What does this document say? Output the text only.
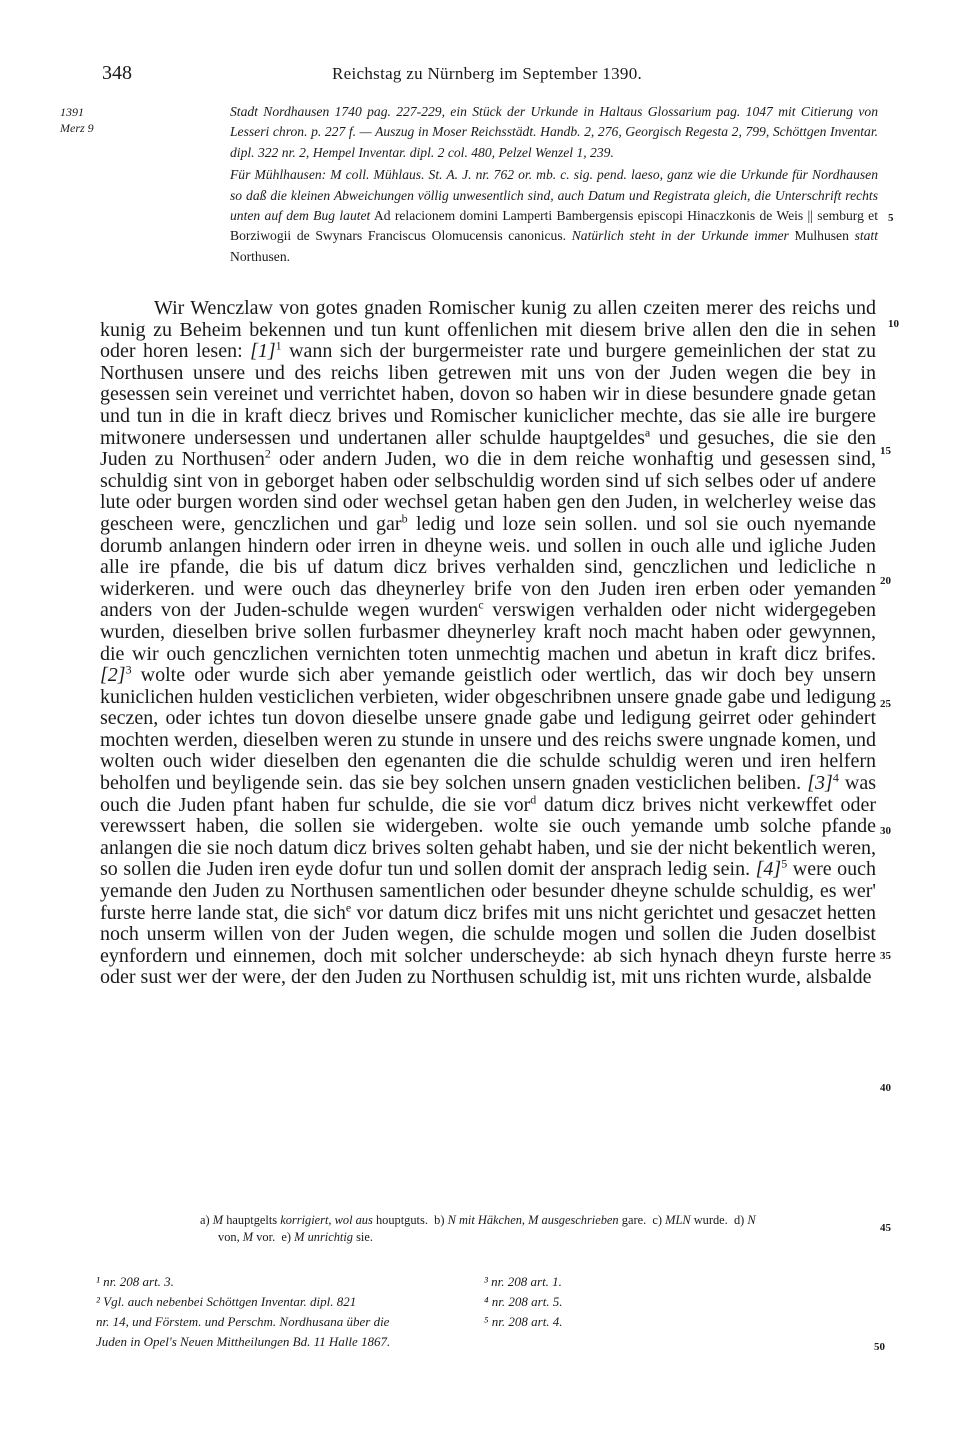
348	Reichstag zu Nürnberg im September 1390.
1391
Merz 9

Stadt Nordhausen 1740 pag. 227-229, ein Stück der Urkunde in Haltaus Glossarium pag. 1047 mit Citierung von Lesseri chron. p. 227 f. — Auszug in Moser Reichsstädt. Handb. 2, 276, Georgisch Regesta 2, 799, Schöttgen Inventar. dipl. 322 nr. 2, Hempel Inventar. dipl. 2 col. 480, Pelzel Wenzel 1, 239.

Für Mühlhausen: M coll. Mühlaus. St. A. J. nr. 762 or. mb. c. sig. pend. laeso, ganz wie die Urkunde für Nordhausen so daß die kleinen Abweichungen völlig unwesentlich sind, auch Datum und Registrata gleich, die Unterschrift rechts unten auf dem Bug lautet Ad relacionem domini Lamperti Bambergensis episcopi Hinaczkonis de Weis || semburg et Borziwogii de Swynars Franciscus Olomucensis canonicus. Natürlich steht in der Urkunde immer Mulhusen statt Northusen.

5

Wir Wenczlaw von gotes gnaden Romischer kunig zu allen czeiten merer des reichs und kunig zu Beheim bekennen und tun kunt offenlichen mit diesem brive allen den die in sehen oder horen lesen: $[1]^1$ wann sich der burgermeister rate und burgere gemeinlichen der stat zu Northusen unsere und des reichs liben getrewen mit uns von der Juden wegen die bey in gesessen sein vereinet und verrichtet haben, dovon so haben wir in diese besundere gnade getan und tun in die in kraft diecz brives und Romischer kuniclicher mechte, das sie alle ire burgere mitwonere undersessen und undertanen aller schulde hauptgeldes$^a$ und gesuches, die sie den Juden zu Northusen$^2$ oder andern Juden, wo die in dem reiche wonhaftig und gesessen sind, schuldig sint von in geborget haben oder selbschuldig worden sind uf sich selbes oder uf andere lute oder burgen worden sind oder wechsel getan haben gen den Juden, in welcherley weise das gescheen were, genczlichen und gar$^b$ ledig und loze sein sollen. und sol sie ouch nyemande dorumb anlangen hindern oder irren in dheyne weis. und sollen in ouch alle und igliche Juden alle ire pfande, die bis uf datum dicz brives verhalden sind, genczlichen und ledicliche n widerkeren. und were ouch das dheynerley brife von den Juden iren erben oder yemanden anders von der Juden-schulde wegen wurden$^c$ verswigen verhalden oder nicht widergegeben wurden, dieselben brive sollen furbasmer dheynerley kraft noch macht haben oder gewynnen, die wir ouch genczlichen vernichten toten unmechtig machen und abetun in kraft dicz brifes. $[2]^3$ wolte oder wurde sich aber yemande geistlich oder wertlich, das wir doch bey unsern kuniclichen hulden vesticlichen verbieten, wider obgeschribnen unsere gnade gabe und ledigung seczen, oder ichtes tun dovon dieselbe unsere gnade gabe und ledigung geirret oder gehindert mochten werden, dieselben weren zu stunde in unsere und des reichs swere ungnade komen, und wolten ouch wider dieselben den egenanten die die schulde schuldig weren und iren helfern beholfen und beyligende sein. das sie bey solchen unsern gnaden vesticlichen beliben. $[3]^4$ was ouch die Juden pfant haben fur schulde, die sie vor$^d$ datum dicz brives nicht verkewffet oder verewssert haben, die sollen sie widergeben. wolte sie ouch yemande umb solche pfande anlangen die sie noch datum dicz brives solten gehabt haben, und sie der nicht bekentlich weren, so sollen die Juden iren eyde dofur tun und sollen domit der ansprach ledig sein. $[4]^5$ were ouch yemande den Juden zu Northusen samentlichen oder besunder dheyne schulde schuldig, es wer' furste herre lande stat, die sich$^e$ vor datum dicz brifes mit uns nicht gerichtet und gesaczet hetten noch unserm willen von der Juden wegen, die schulde mogen und sollen die Juden doselbist eynfordern und einnemen, doch mit solcher underscheyde: ab sich hynach dheyn furste herre oder sust wer der were, der den Juden zu Northusen schuldig ist, mit uns richten wurde, alsbalde

10
15
20
25
30
35
40
45

a) M hauptgelts korrigiert, wol aus houptguts. b) N mit Häkchen, M ausgeschrieben gare. c) MLN wurde. d) N

von, M vor. e) M unrichtig sie.

¹ nr. 208 art. 3.

² Vgl. auch nebenbei Schöttgen Inventar. dipl. 821

nr. 14, und Förstem. und Perschm. Nordhusana über die

Juden in Opel's Neuen Mittheilungen Bd. 11 Halle 1867.

³ nr. 208 art. 1.

⁴ nr. 208 art. 5.

⁵ nr. 208 art. 4.

50
